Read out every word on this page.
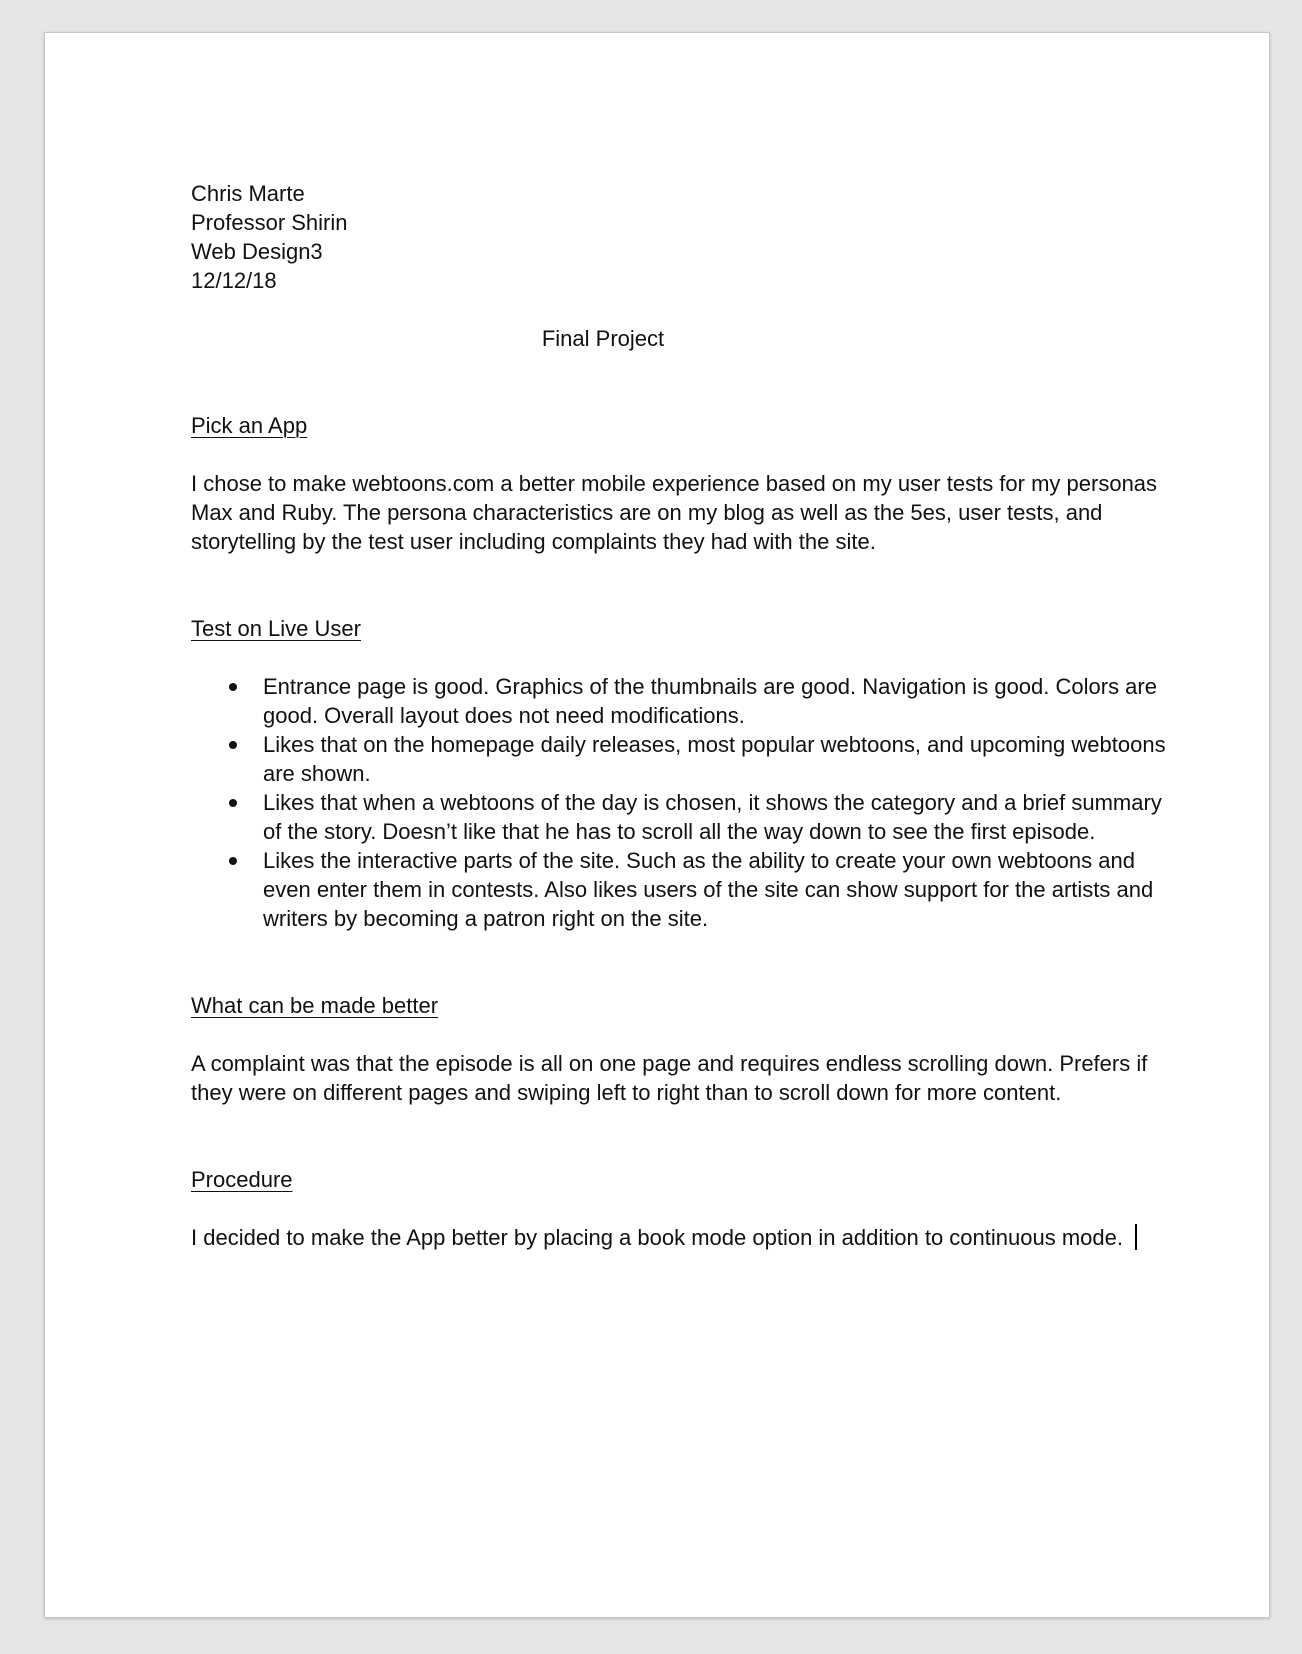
Chris Marte
Professor Shirin
Web Design3
12/12/18
Final Project
Pick an App
I chose to make webtoons.com a better mobile experience based on my user tests for my personas Max and Ruby. The persona characteristics are on my blog as well as the 5es, user tests, and storytelling by the test user including complaints they had with the site.
Test on Live User
Entrance page is good. Graphics of the thumbnails are good. Navigation is good. Colors are good. Overall layout does not need modifications.
Likes that on the homepage daily releases, most popular webtoons, and upcoming webtoons are shown.
Likes that when a webtoons of the day is chosen, it shows the category and a brief summary of the story. Doesn’t like that he has to scroll all the way down to see the first episode.
Likes the interactive parts of the site. Such as the ability to create your own webtoons and even enter them in contests. Also likes users of the site can show support for the artists and writers by becoming a patron right on the site.
What can be made better
A complaint was that the episode is all on one page and requires endless scrolling down. Prefers if they were on different pages and swiping left to right than to scroll down for more content.
Procedure
I decided to make the App better by placing a book mode option in addition to continuous mode.
